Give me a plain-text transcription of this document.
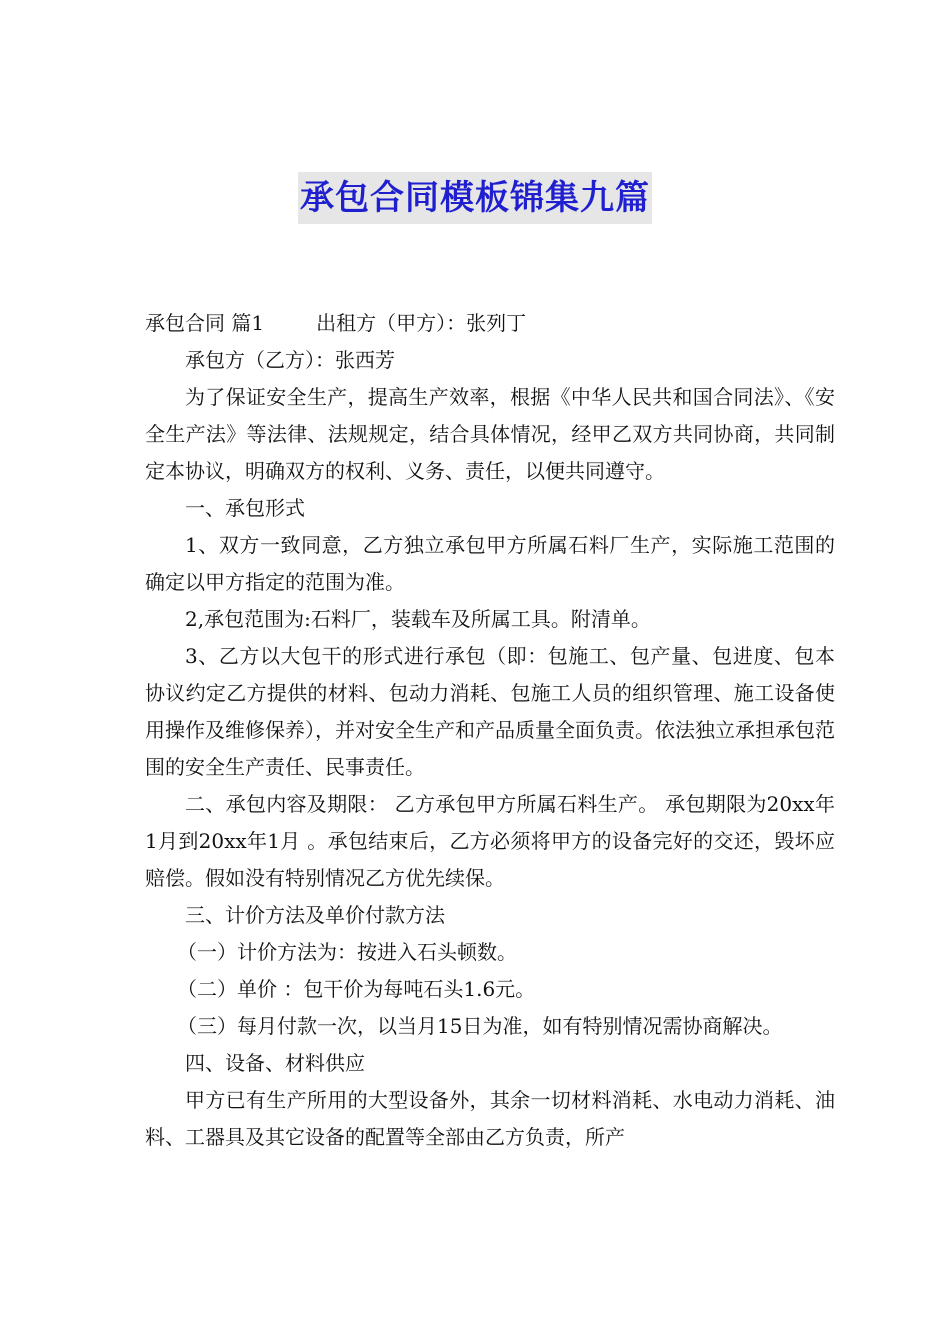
承包合同模板锦集九篇

承包合同 篇1	出租方（甲方）：张列丁

承包方（乙方）：张西芳

为了保证安全生产，提高生产效率，根据《中华人民共和国合同法》、《安全生产法》等法律、法规规定，结合具体情况，经甲乙双方共同协商，共同制定本协议，明确双方的权利、义务、责任，以便共同遵守。

一、承包形式

1、双方一致同意，乙方独立承包甲方所属石料厂生产，实际施工范围的确定以甲方指定的范围为准。

2,承包范围为:石料厂，装载车及所属工具。附清单。

3、乙方以大包干的形式进行承包（即：包施工、包产量、包进度、包本协议约定乙方提供的材料、包动力消耗、包施工人员的组织管理、施工设备使用操作及维修保养），并对安全生产和产品质量全面负责。依法独立承担承包范围的安全生产责任、民事责任。

二、承包内容及期限： 乙方承包甲方所属石料生产。 承包期限为20xx年1月到20xx年1月 。承包结束后，乙方必须将甲方的设备完好的交还，毁坏应赔偿。假如没有特别情况乙方优先续保。

三、计价方法及单价付款方法

（一）计价方法为：按进入石头顿数。

（二）单价 ：包干价为每吨石头1.6元。

（三）每月付款一次，以当月15日为准，如有特别情况需协商解决。

四、设备、材料供应

甲方已有生产所用的大型设备外，其余一切材料消耗、水电动力消耗、油料、工器具及其它设备的配置等全部由乙方负责，所产
